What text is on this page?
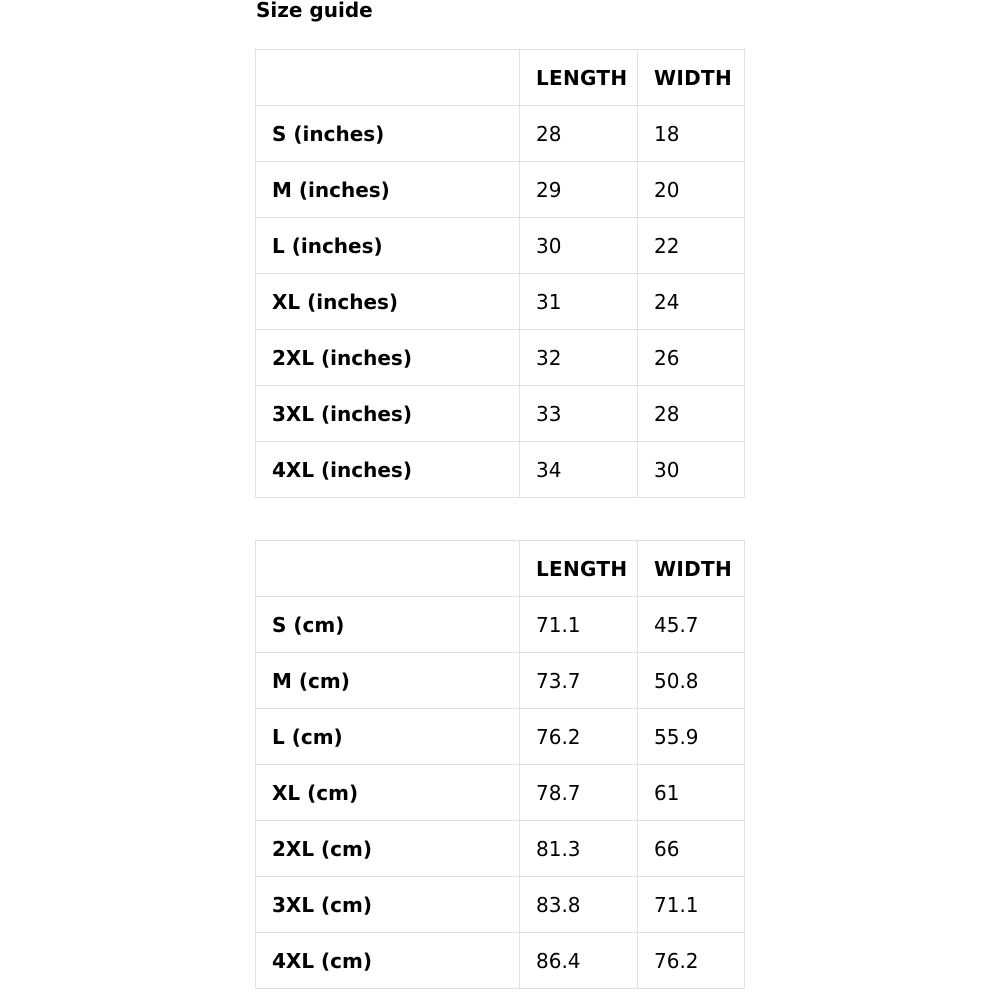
Size guide
	LENGTH	WIDTH
S (inches)	28	18
M (inches)	29	20
L (inches)	30	22
XL (inches)	31	24
2XL (inches)	32	26
3XL (inches)	33	28
4XL (inches)	34	30
	LENGTH	WIDTH
S (cm)	71.1	45.7
M (cm)	73.7	50.8
L (cm)	76.2	55.9
XL (cm)	78.7	61
2XL (cm)	81.3	66
3XL (cm)	83.8	71.1
4XL (cm)	86.4	76.2
